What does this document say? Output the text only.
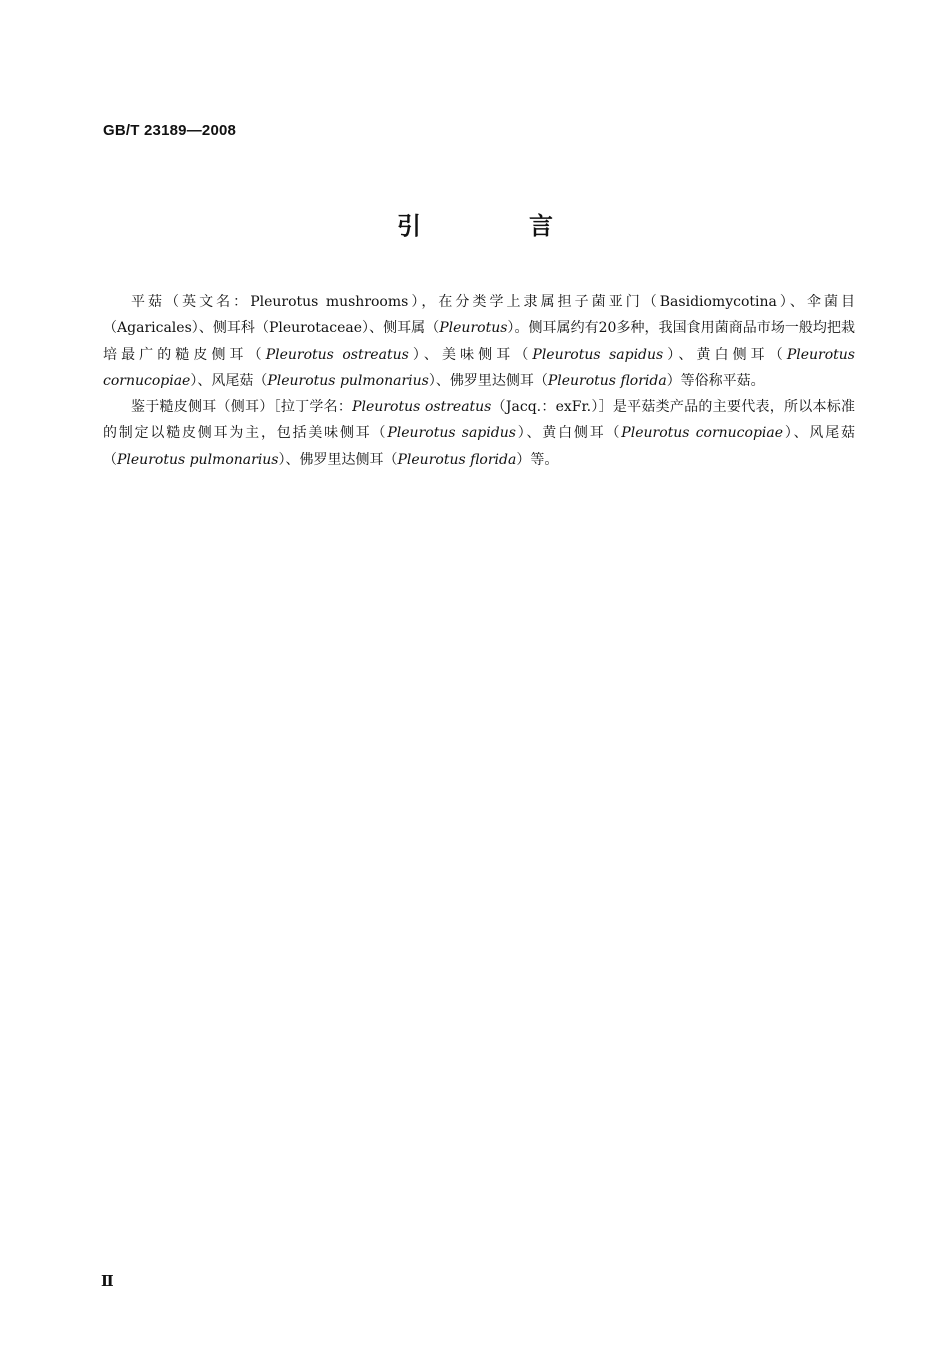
GB/T 23189—2008
引　言

平菇（英文名：Pleurotus mushrooms），在分类学上隶属担子菌亚门（Basidiomycotina）、伞菌目（Agaricales）、侧耳科（Pleurotaceae）、侧耳属（Pleurotus）。侧耳属约有20多种，我国食用菌商品市场一般均把栽培最广的糙皮侧耳（Pleurotus ostreatus）、美味侧耳（Pleurotus sapidus）、黄白侧耳（Pleurotus cornucopiae）、风尾菇（Pleurotus pulmonarius）、佛罗里达侧耳（Pleurotus florida）等俗称平菇。

鉴于糙皮侧耳（侧耳）［拉丁学名：Pleurotus ostreatus（Jacq.：exFr.）］是平菇类产品的主要代表，所以本标准的制定以糙皮侧耳为主，包括美味侧耳（Pleurotus sapidus）、黄白侧耳（Pleurotus cornucopiae）、风尾菇（Pleurotus pulmonarius）、佛罗里达侧耳（Pleurotus florida）等。

Ⅱ
